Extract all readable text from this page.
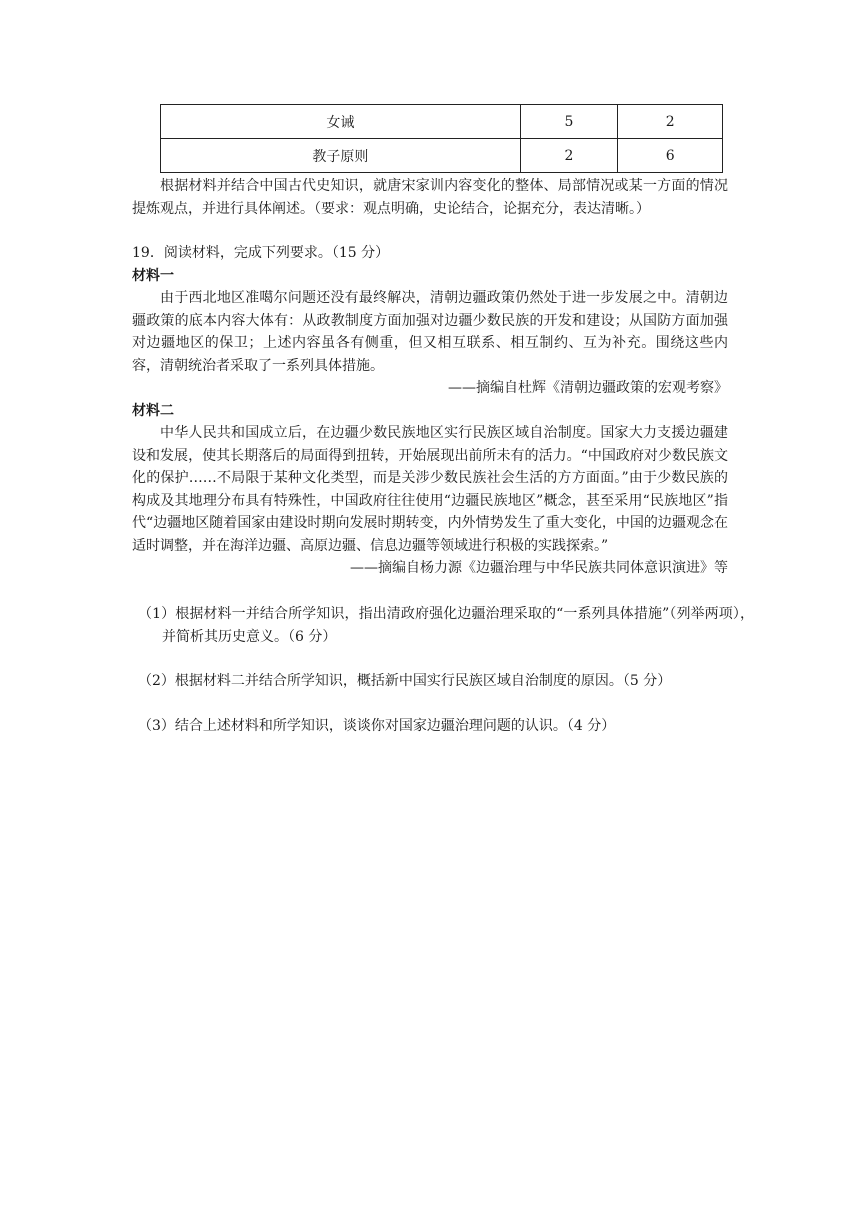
女诫	5	2
教子原则	2	6

根据材料并结合中国古代史知识，就唐宋家训内容变化的整体、局部情况或某一方面的情况提炼观点，并进行具体阐述。（要求：观点明确，史论结合，论据充分，表达清晰。）

19．阅读材料，完成下列要求。（15 分）

材料一

由于西北地区准噶尔问题还没有最终解决，清朝边疆政策仍然处于进一步发展之中。清朝边疆政策的底本内容大体有：从政教制度方面加强对边疆少数民族的开发和建设；从国防方面加强对边疆地区的保卫；上述内容虽各有侧重，但又相互联系、相互制约、互为补充。围绕这些内容，清朝统治者采取了一系列具体措施。

——摘编自杜辉《清朝边疆政策的宏观考察》

材料二

中华人民共和国成立后，在边疆少数民族地区实行民族区域自治制度。国家大力支援边疆建设和发展，使其长期落后的局面得到扭转，开始展现出前所未有的活力。“中国政府对少数民族文化的保护……不局限于某种文化类型，而是关涉少数民族社会生活的方方面面。”由于少数民族的构成及其地理分布具有特殊性，中国政府往往使用“边疆民族地区”概念，甚至采用“民族地区”指代“边疆地区随着国家由建设时期向发展时期转变，内外情势发生了重大变化，中国的边疆观念在适时调整，并在海洋边疆、高原边疆、信息边疆等领域进行积极的实践探索。”

——摘编自杨力源《边疆治理与中华民族共同体意识演进》等

（1）根据材料一并结合所学知识，指出清政府强化边疆治理采取的“一系列具体措施”（列举两项），并简析其历史意义。（6 分）

（2）根据材料二并结合所学知识，概括新中国实行民族区域自治制度的原因。（5 分）

（3）结合上述材料和所学知识，谈谈你对国家边疆治理问题的认识。（4 分）
